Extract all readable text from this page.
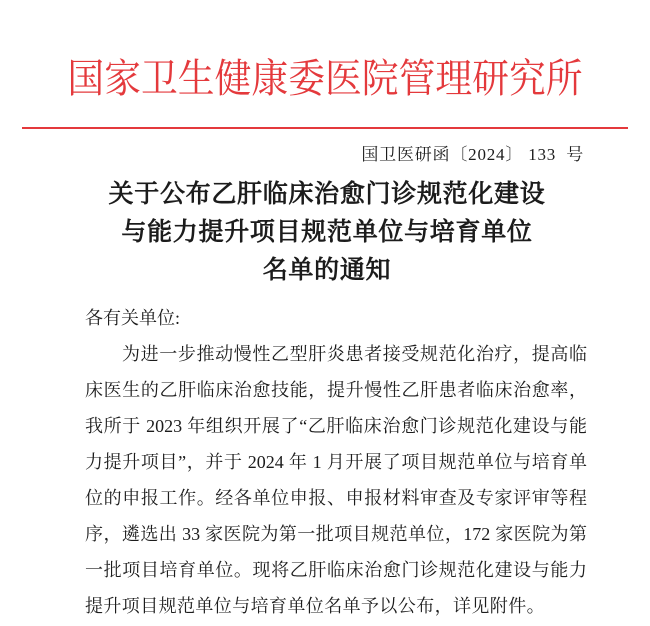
国家卫生健康委医院管理研究所
国卫医研函〔2024〕 133  号
关于公布乙肝临床治愈门诊规范化建设
与能力提升项目规范单位与培育单位
名单的通知
各有关单位:
为进一步推动慢性乙型肝炎患者接受规范化治疗，提高临
床医生的乙肝临床治愈技能，提升慢性乙肝患者临床治愈率，
我所于 2023 年组织开展了“乙肝临床治愈门诊规范化建设与能
力提升项目”，并于 2024 年 1 月开展了项目规范单位与培育单
位的申报工作。经各单位申报、申报材料审查及专家评审等程
序，遴选出 33 家医院为第一批项目规范单位，172 家医院为第
一批项目培育单位。现将乙肝临床治愈门诊规范化建设与能力
提升项目规范单位与培育单位名单予以公布，详见附件。
